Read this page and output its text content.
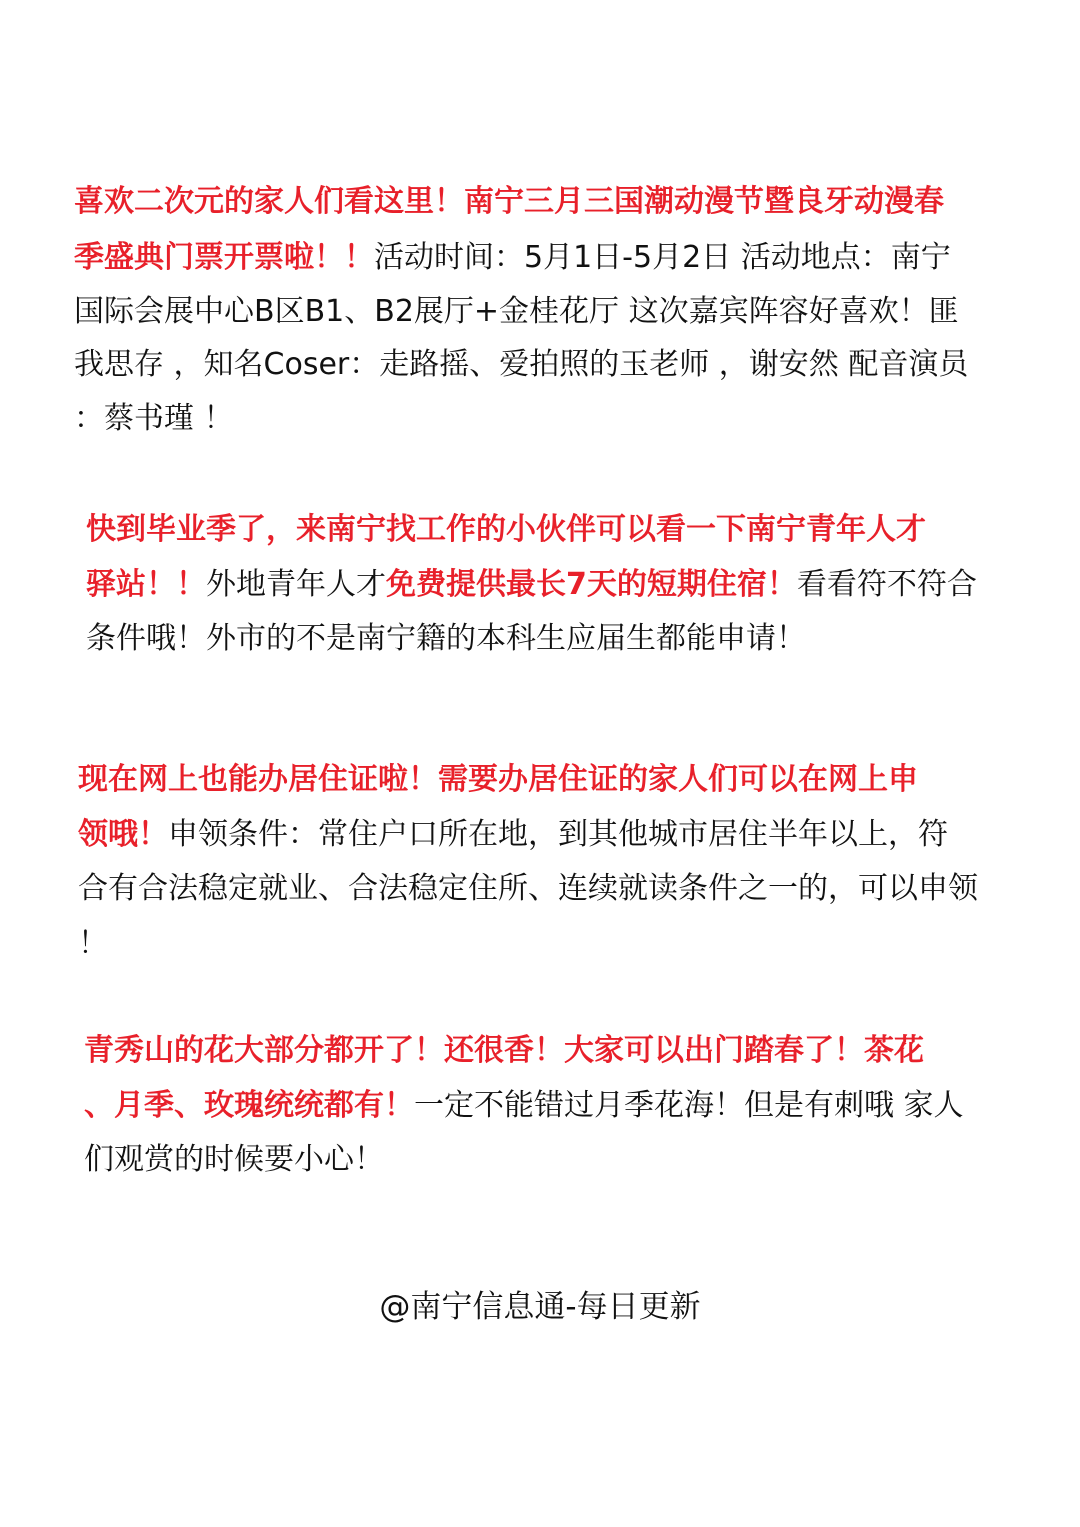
喜欢二次元的家人们看这里！南宁三月三国潮动漫节暨良牙动漫春
季盛典门票开票啦！！活动时间：5月1日-5月2日 活动地点：南宁
国际会展中心B区B1、B2展厅+金桂花厅 这次嘉宾阵容好喜欢！匪
我思存 ，知名Coser：走路摇、爱拍照的玉老师 ，谢安然 配音演员
：蔡书瑾 ！
快到毕业季了，来南宁找工作的小伙伴可以看一下南宁青年人才
驿站！！外地青年人才免费提供最长7天的短期住宿！看看符不符合
条件哦！外市的不是南宁籍的本科生应届生都能申请！
现在网上也能办居住证啦！需要办居住证的家人们可以在网上申
领哦！申领条件：常住户口所在地，到其他城市居住半年以上，符
合有合法稳定就业、合法稳定住所、连续就读条件之一的，可以申领
！
青秀山的花大部分都开了！还很香！大家可以出门踏春了！茶花
、月季、玫瑰统统都有！一定不能错过月季花海！但是有刺哦 家人
们观赏的时候要小心！
@南宁信息通-每日更新
